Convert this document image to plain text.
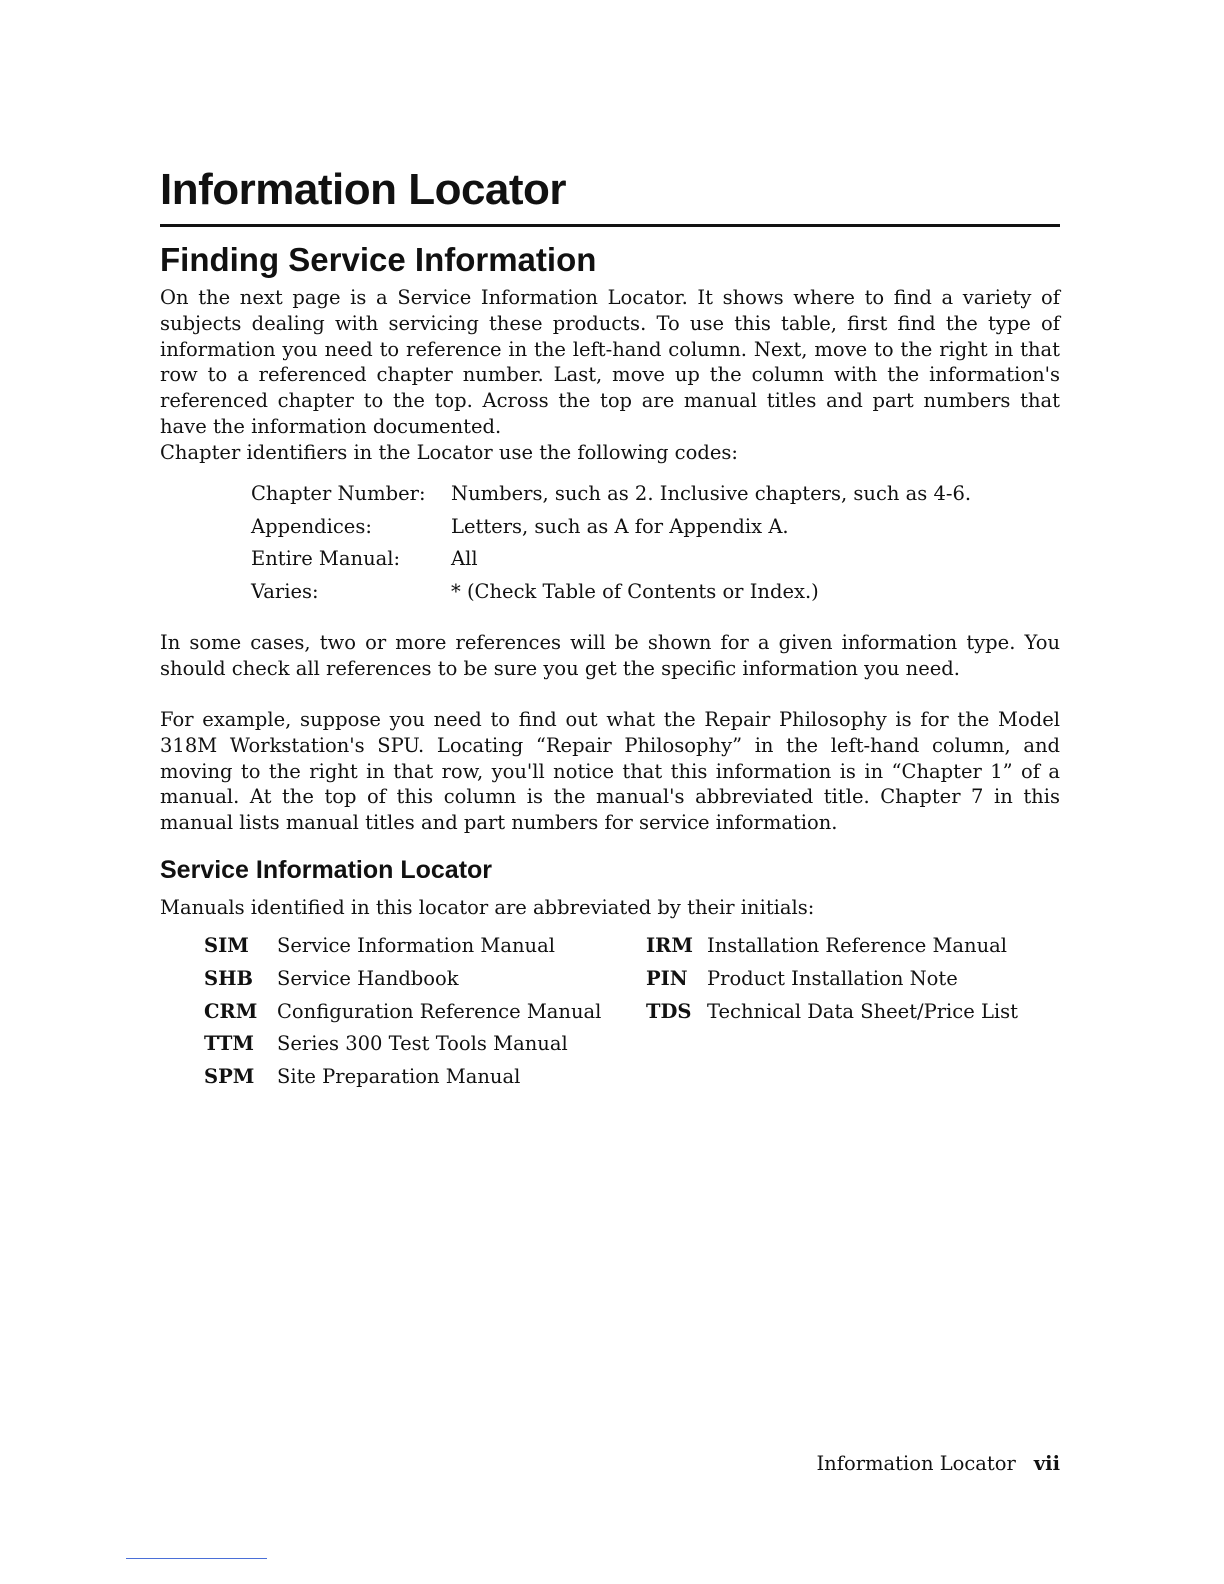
Information Locator
Finding Service Information

On the next page is a Service Information Locator. It shows where to find a variety of subjects dealing with servicing these products. To use this table, first find the type of information you need to reference in the left-hand column. Next, move to the right in that row to a referenced chapter number. Last, move up the column with the information's referenced chapter to the top. Across the top are manual titles and part numbers that have the information documented.

Chapter identifiers in the Locator use the following codes:

Chapter Number: Numbers, such as 2. Inclusive chapters, such as 4-6.
Appendices:	Letters, such as A for Appendix A.
Entire Manual:	All
Varies:	* (Check Table of Contents or Index.)

In some cases, two or more references will be shown for a given information type. You should check all references to be sure you get the specific information you need.

For example, suppose you need to find out what the Repair Philosophy is for the Model 318M Workstation's SPU. Locating “Repair Philosophy” in the left-hand column, and moving to the right in that row, you'll notice that this information is in “Chapter 1” of a manual. At the top of this column is the manual's abbreviated title. Chapter 7 in this manual lists manual titles and part numbers for service information.

Service Information Locator

Manuals identified in this locator are abbreviated by their initials:

SIM Service Information Manual
SHB Service Handbook
CRM Configuration Reference Manual
TTM Series 300 Test Tools Manual
SPM Site Preparation Manual
IRM Installation Reference Manual
PIN Product Installation Note
TDS Technical Data Sheet/Price List
Information Locator vii
